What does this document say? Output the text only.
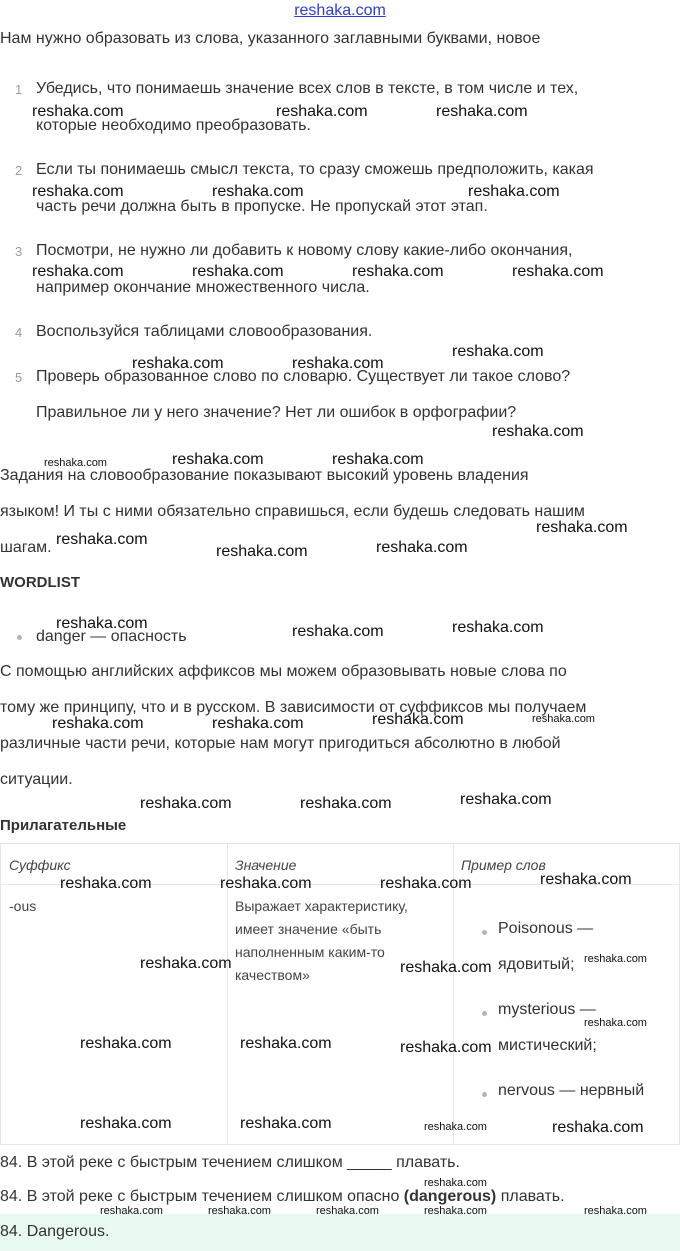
reshaka.com
Нам нужно образовать из слова, указанного заглавными буквами, новое
1 Убедись, что понимаешь значение всех слов в тексте, в том числе и тех,
которые необходимо преобразовать.
2 Если ты понимаешь смысл текста, то сразу сможешь предположить, какая
часть речи должна быть в пропуске. Не пропускай этот этап.
3 Посмотри, не нужно ли добавить к новому слову какие-либо окончания,
например окончание множественного числа.
4 Воспользуйся таблицами словообразования.
5 Проверь образованное слово по словарю. Существует ли такое слово?
Правильное ли у него значение? Нет ли ошибок в орфографии?
Задания на словообразование показывают высокий уровень владения
языком! И ты с ними обязательно справишься, если будешь следовать нашим
шагам.
WORDLIST
danger — опасность
С помощью английских аффиксов мы можем образовывать новые слова по
тому же принципу, что и в русском. В зависимости от суффиксов мы получаем
различные части речи, которые нам могут пригодиться абсолютно в любой
ситуации.
Прилагательные
Суффикс	Значение	Пример слов
-ous	Выражает характеристику, имеет значение «быть наполненным каким-то качеством»
Poisonous —
ядовитый;
mysterious —
мистический;
nervous — нервный
84. В этой реке с быстрым течением слишком _____ плавать.
84. В этой реке с быстрым течением слишком опасно (dangerous) плавать.
84. Dangerous.
reshaka.com	reshaka.com	reshaka.com
reshaka.com	reshaka.com	reshaka.com
reshaka.com	reshaka.com	reshaka.com	reshaka.com
reshaka.com
reshaka.com	reshaka.com
reshaka.com
reshaka.com	reshaka.com
reshaka.com
reshaka.com
reshaka.com	reshaka.com
reshaka.com	reshaka.com
reshaka.com
reshaka.com	reshaka.com	reshaka.com
reshaka.com
reshaka.com	reshaka.com
reshaka.com	reshaka.com	reshaka.com	reshaka.com
reshaka.com	reshaka.com
reshaka.com	reshaka.com	reshaka.com
reshaka.com	reshaka.com	reshaka.com
reshaka.com
reshaka.com
reshaka.com
reshaka.com
reshaka.com
reshaka.com
reshaka.com	reshaka.com	reshaka.com	reshaka.com	reshaka.com
